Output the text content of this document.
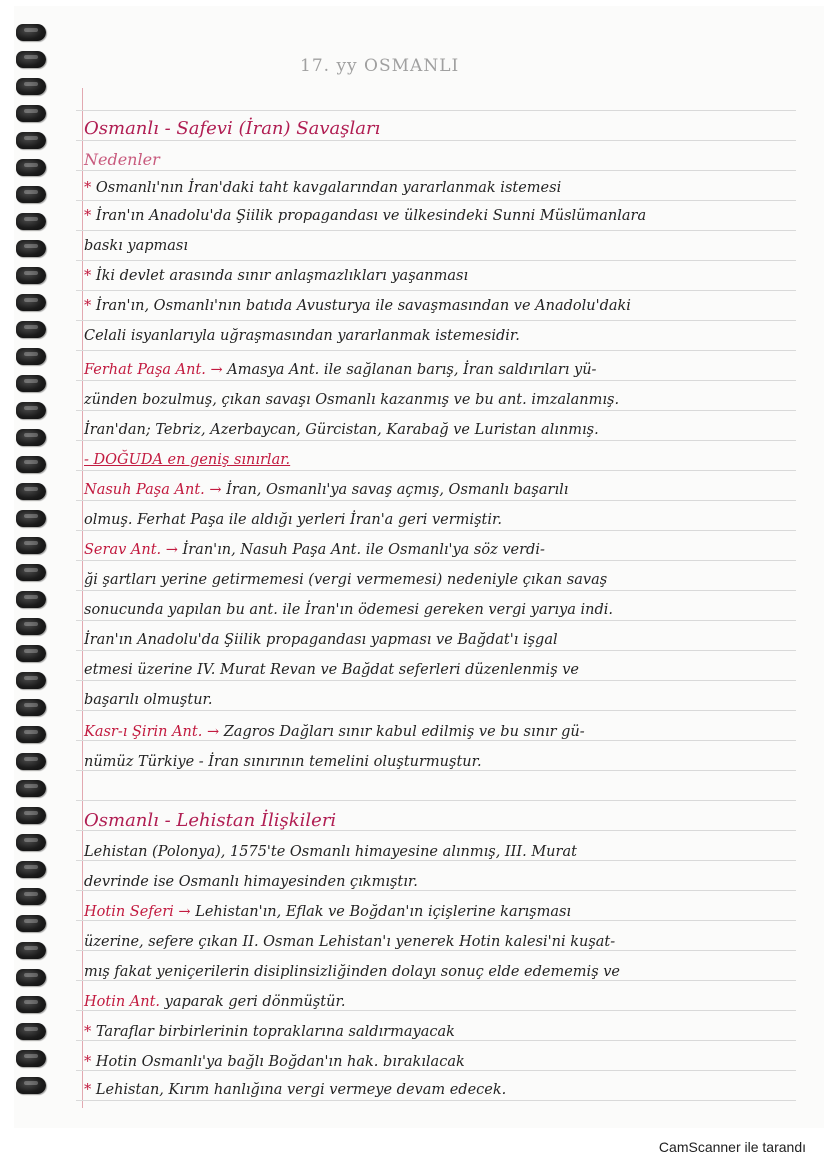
17. yy OSMANLI
Osmanlı - Safevi (İran) Savaşları
Nedenler
* Osmanlı'nın İran'daki taht kavgalarından yararlanmak istemesi
* İran'ın Anadolu'da Şiilik propagandası ve ülkesindeki Sunni Müslümanlara
baskı yapması
* İki devlet arasında sınır anlaşmazlıkları yaşanması
* İran'ın, Osmanlı'nın batıda Avusturya ile savaşmasından ve Anadolu'daki
Celali isyanlarıyla uğraşmasından yararlanmak istemesidir.
Ferhat Paşa Ant. → Amasya Ant. ile sağlanan barış, İran saldırıları yü-
zünden bozulmuş, çıkan savaşı Osmanlı kazanmış ve bu ant. imzalanmış.
İran'dan; Tebriz, Azerbaycan, Gürcistan, Karabağ ve Luristan alınmış.
- DOĞUDA en geniş sınırlar.
Nasuh Paşa Ant. → İran, Osmanlı'ya savaş açmış, Osmanlı başarılı
olmuş. Ferhat Paşa ile aldığı yerleri İran'a geri vermiştir.
Serav Ant. → İran'ın, Nasuh Paşa Ant. ile Osmanlı'ya söz verdi-
ği şartları yerine getirmemesi (vergi vermemesi) nedeniyle çıkan savaş
sonucunda yapılan bu ant. ile İran'ın ödemesi gereken vergi yarıya indi.
İran'ın Anadolu'da Şiilik propagandası yapması ve Bağdat'ı işgal
etmesi üzerine IV. Murat Revan ve Bağdat seferleri düzenlenmiş ve
başarılı olmuştur.
Kasr-ı Şirin Ant. → Zagros Dağları sınır kabul edilmiş ve bu sınır gü-
nümüz Türkiye - İran sınırının temelini oluşturmuştur.
Osmanlı - Lehistan İlişkileri
Lehistan (Polonya), 1575'te Osmanlı himayesine alınmış, III. Murat
devrinde ise Osmanlı himayesinden çıkmıştır.
Hotin Seferi → Lehistan'ın, Eflak ve Boğdan'ın içişlerine karışması
üzerine, sefere çıkan II. Osman Lehistan'ı yenerek Hotin kalesi'ni kuşat-
mış fakat yeniçerilerin disiplinsizliğinden dolayı sonuç elde edememiş ve
Hotin Ant. yaparak geri dönmüştür.
* Taraflar birbirlerinin topraklarına saldırmayacak
* Hotin Osmanlı'ya bağlı Boğdan'ın hak. bırakılacak
* Lehistan, Kırım hanlığına vergi vermeye devam edecek.
CamScanner ile tarandı
